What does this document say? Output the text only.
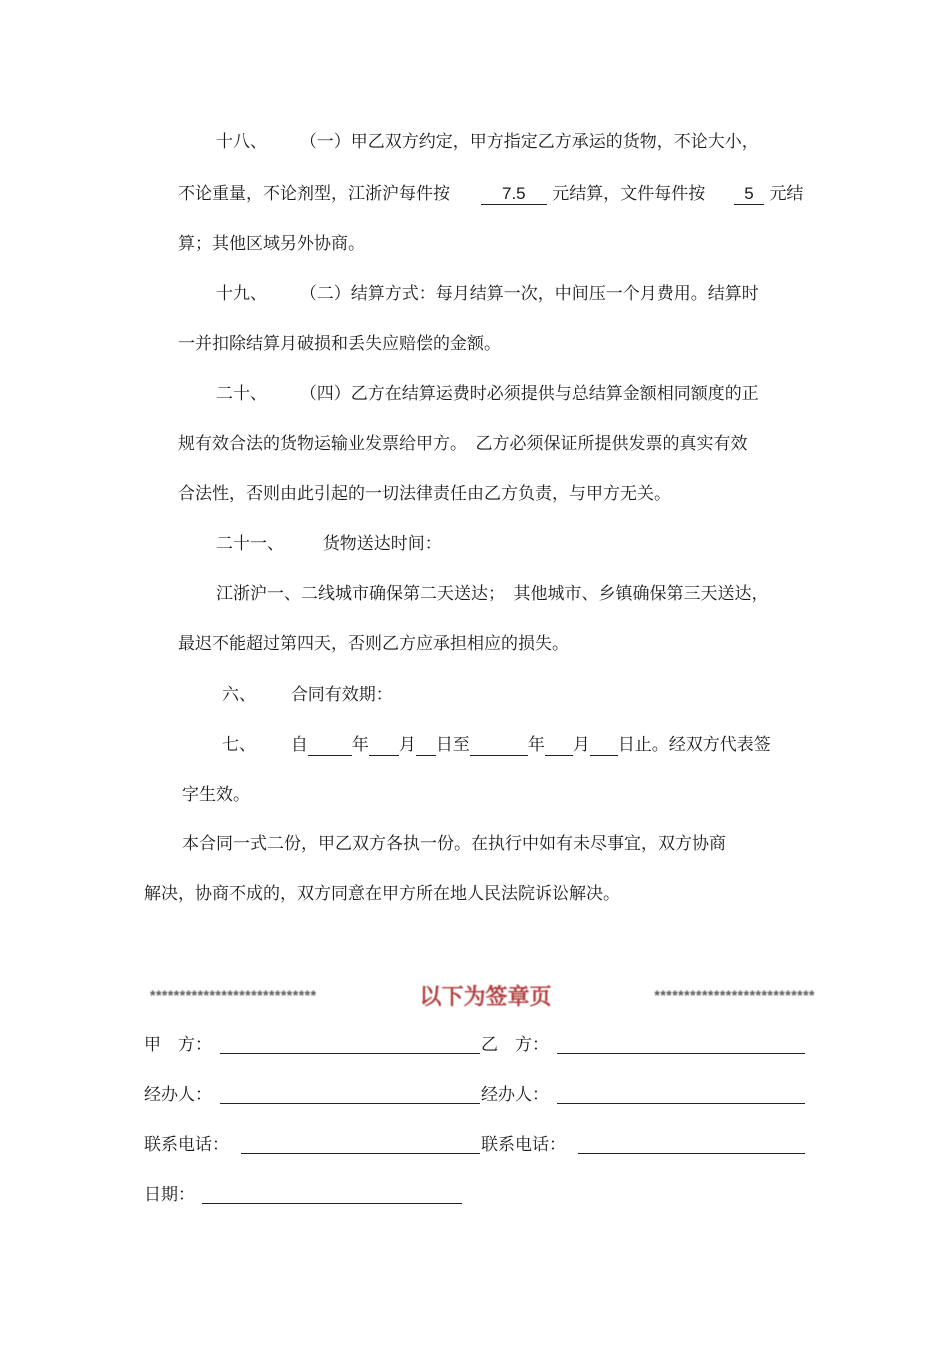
十八、 （一）甲乙双方约定，甲方指定乙方承运的货物，不论大小，
不论重量，不论剂型，江浙沪每件按	7.5 元结算，文件每件按 5 元结
算；其他区域另外协商。
十九、 （二）结算方式：每月结算一次，中间压一个月费用。结算时
一并扣除结算月破损和丢失应赔偿的金额。
二十、 （四）乙方在结算运费时必须提供与总结算金额相同额度的正
规有效合法的货物运输业发票给甲方。　乙方必须保证所提供发票的真实有效
合法性，否则由此引起的一切法律责任由乙方负责，与甲方无关。
二十一、 货物送达时间：
江浙沪一、二线城市确保第二天送达；　其他城市、乡镇确保第三天送达，
最迟不能超过第四天，否则乙方应承担相应的损失。
六、 合同有效期：
七、 自	年 月 日至	年 月 日止。经双方代表签
字生效。
本合同一式二份，甲乙双方各执一份。在执行中如有未尽事宜，双方协商
解决，协商不成的，双方同意在甲方所在地人民法院诉讼解决。
****************************	以下为签章页	***************************
甲　方：	乙　方：
经办人：	经办人：
联系电话：	联系电话：
日期：
